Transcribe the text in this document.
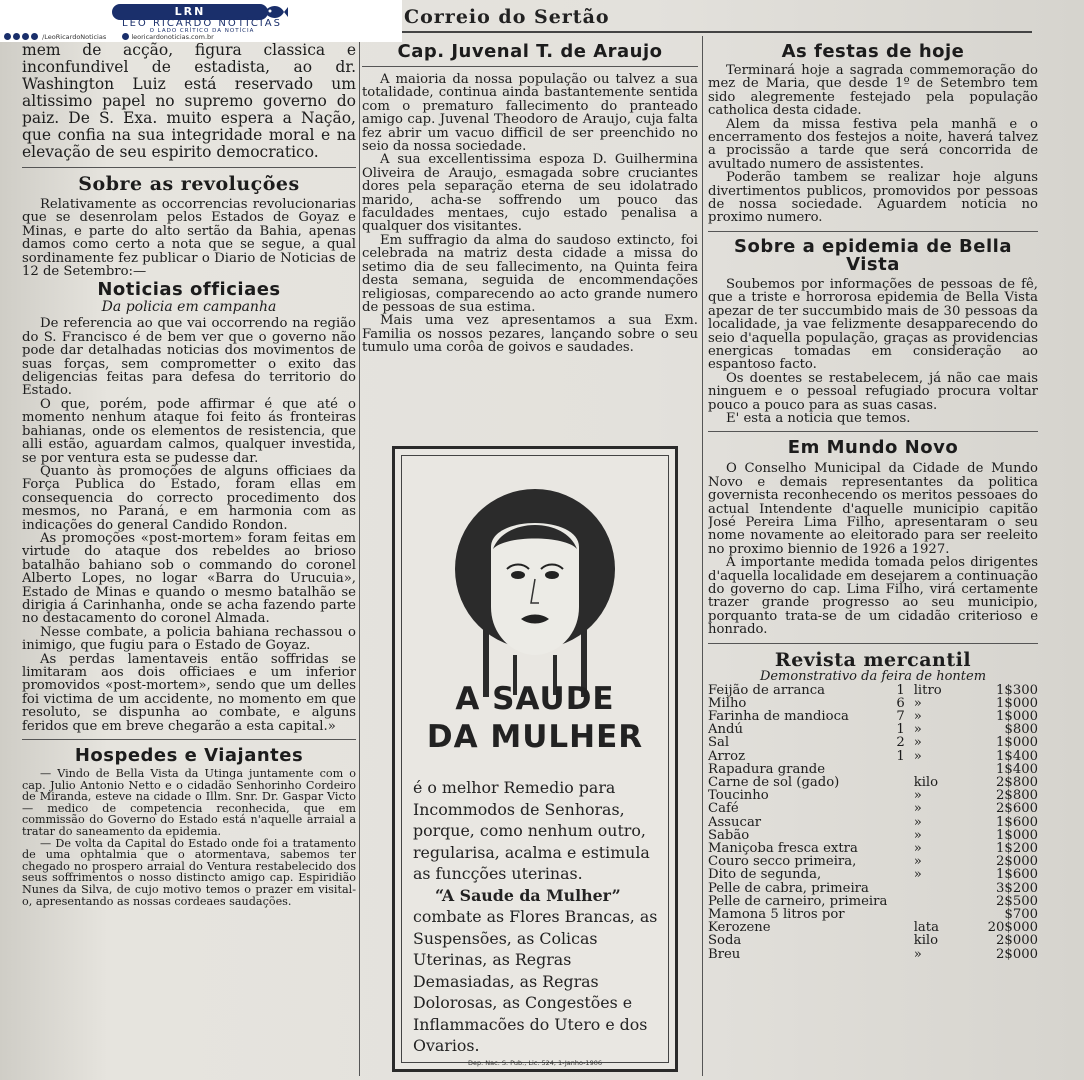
LRN
LEO RICARDO NOTÍCIAS
O LADO CRÍTICO DA NOTÍCIA
/LeoRicardoNoticias	leoricardonoticias.com.br
Correio do Sertão

mem de acção, figura classica e inconfundivel de estadista, ao dr. Washington Luiz está reservado um altissimo papel no supremo governo do paiz. De S. Exa. muito espera a Nação, que confia na sua integridade moral e na elevação de seu espirito democratico.

Sobre as revoluções

Relativamente as occorrencias revolucionarias que se desenrolam pelos Estados de Goyaz e Minas, e parte do alto sertão da Bahia, apenas damos como certo a nota que se segue, a qual sordinamente fez publicar o Diario de Noticias de 12 de Setembro:—

Noticias officiaes
Da policia em campanha

De referencia ao que vai occorrendo na região do S. Francisco é de bem ver que o governo não pode dar detalhadas noticias dos movimentos de suas forças, sem comprometter o exito das deligencias feitas para defesa do territorio do Estado.

O que, porém, pode affirmar é que até o momento nenhum ataque foi feito ás fronteiras bahianas, onde os elementos de resistencia, que alli estão, aguardam calmos, qualquer investida, se por ventura esta se pudesse dar.

Quanto às promoções de alguns officiaes da Força Publica do Estado, foram ellas em consequencia do correcto procedimento dos mesmos, no Paraná, e em harmonia com as indicações do general Candido Rondon.

As promoções «post-mortem» foram feitas em virtude do ataque dos rebeldes ao brioso batalhão bahiano sob o commando do coronel Alberto Lopes, no logar «Barra do Urucuia», Estado de Minas e quando o mesmo batalhão se dirigia á Carinhanha, onde se acha fazendo parte no destacamento do coronel Almada.

Nesse combate, a policia bahiana rechassou o inimigo, que fugiu para o Estado de Goyaz.

As perdas lamentaveis então soffridas se limitaram aos dois officiaes e um inferior promovidos «post-mortem», sendo que um delles foi victima de um accidente, no momento em que resoluto, se dispunha ao combate, e alguns feridos que em breve chegarão a esta capital.»

Hospedes e Viajantes

— Vindo de Bella Vista da Utinga juntamente com o cap. Julio Antonio Netto e o cidadão Senhorinho Cordeiro de Miranda, esteve na cidade o Illm. Snr. Dr. Gaspar Victo— medico de competencia reconhecida, que em commissão do Governo do Estado está n'aquelle arraial a tratar do saneamento da epidemia.

— De volta da Capital do Estado onde foi a tratamento de uma ophtalmia que o atormentava, sabemos ter chegado no prospero arraial do Ventura restabelecido dos seus soffrimentos o nosso distincto amigo cap. Espiridião Nunes da Silva, de cujo motivo temos o prazer em visital-o, apresentando as nossas cordeaes saudações.

Cap. Juvenal T. de Araujo

A maioria da nossa população ou talvez a sua totalidade, continua ainda bastantemente sentida com o prematuro fallecimento do pranteado amigo cap. Juvenal Theodoro de Araujo, cuja falta fez abrir um vacuo difficil de ser preenchido no seio da nossa sociedade.

A sua excellentissima espoza D. Guilhermina Oliveira de Araujo, esmagada sobre cruciantes dores pela separação eterna de seu idolatrado marido, acha-se soffrendo um pouco das faculdades mentaes, cujo estado penalisa a qualquer dos visitantes.

Em suffragio da alma do saudoso extincto, foi celebrada na matriz desta cidade a missa do setimo dia de seu fallecimento, na Quinta feira desta semana, seguida de encommendações religiosas, comparecendo ao acto grande numero de pessoas de sua estima.

Mais uma vez apresentamos a sua Exm. Familia os nossos pezares, lançando sobre o seu tumulo uma corôa de goivos e saudades.

A SAUDE
DA MULHER
é o melhor Remedio para Incommodos de Senhoras, porque, como nenhum outro, regularisa, acalma e estimula as funcções uterinas.
“A Saude da Mulher”
combate as Flores Brancas, as Suspensões, as Colicas Uterinas, as Regras Demasiadas, as Regras Dolorosas, as Congestões e Inflammacões do Utero e dos Ovarios.
Dep. Nac. S. Pub., Lic. 524, 1-Janho-1906
As festas de hoje

Terminará hoje a sagrada commemoração do mez de Maria, que desde 1º de Setembro tem sido alegremente festejado pela população catholica desta cidade.

Alem da missa festiva pela manhã e o encerramento dos festejos a noite, haverá talvez a procissão a tarde que será concorrida de avultado numero de assistentes.

Poderão tambem se realizar hoje alguns divertimentos publicos, promovidos por pessoas de nossa sociedade. Aguardem noticia no proximo numero.

Sobre a epidemia de Bella Vista

Soubemos por informações de pessoas de fê, que a triste e horrorosa epidemia de Bella Vista apezar de ter succumbido mais de 30 pessoas da localidade, ja vae felizmente desapparecendo do seio d'aquella população, graças as providencias energicas tomadas em consideração ao espantoso facto.

Os doentes se restabelecem, já não cae mais ninguem e o pessoal refugiado procura voltar pouco a pouco para as suas casas.

E' esta a noticia que temos.

Em Mundo Novo

O Conselho Municipal da Cidade de Mundo Novo e demais representantes da politica governista reconhecendo os meritos pessoaes do actual Intendente d'aquelle municipio capitão José Pereira Lima Filho, apresentaram o seu nome novamente ao eleitorado para ser reeleito no proximo biennio de 1926 a 1927.

A importante medida tomada pelos dirigentes d'aquella localidade em desejarem a continuação do governo do cap. Lima Filho, virá certamente trazer grande progresso ao seu municipio, porquanto trata-se de um cidadão criterioso e honrado.

Revista mercantil
Demonstrativo da feira de hontem
Feijão de arranca	1	litro	1$300
Milho	6	»	1$000
Farinha de mandioca	7	»	1$000
Andú	1	»	$800
Sal	2	»	1$000
Arroz	1	»	1$400
Rapadura grande			1$400
Carne de sol (gado)		kilo	2$800
Toucinho		»	2$800
Café		»	2$600
Assucar		»	1$600
Sabão		»	1$000
Maniçoba fresca extra		»	1$200
Couro secco primeira,		»	2$000
Dito de segunda,		»	1$600
Pelle de cabra, primeira			3$200
Pelle de carneiro, primeira			2$500
Mamona 5 litros por			$700
Kerozene		lata	20$000
Soda		kilo	2$000
Breu		»	2$000
